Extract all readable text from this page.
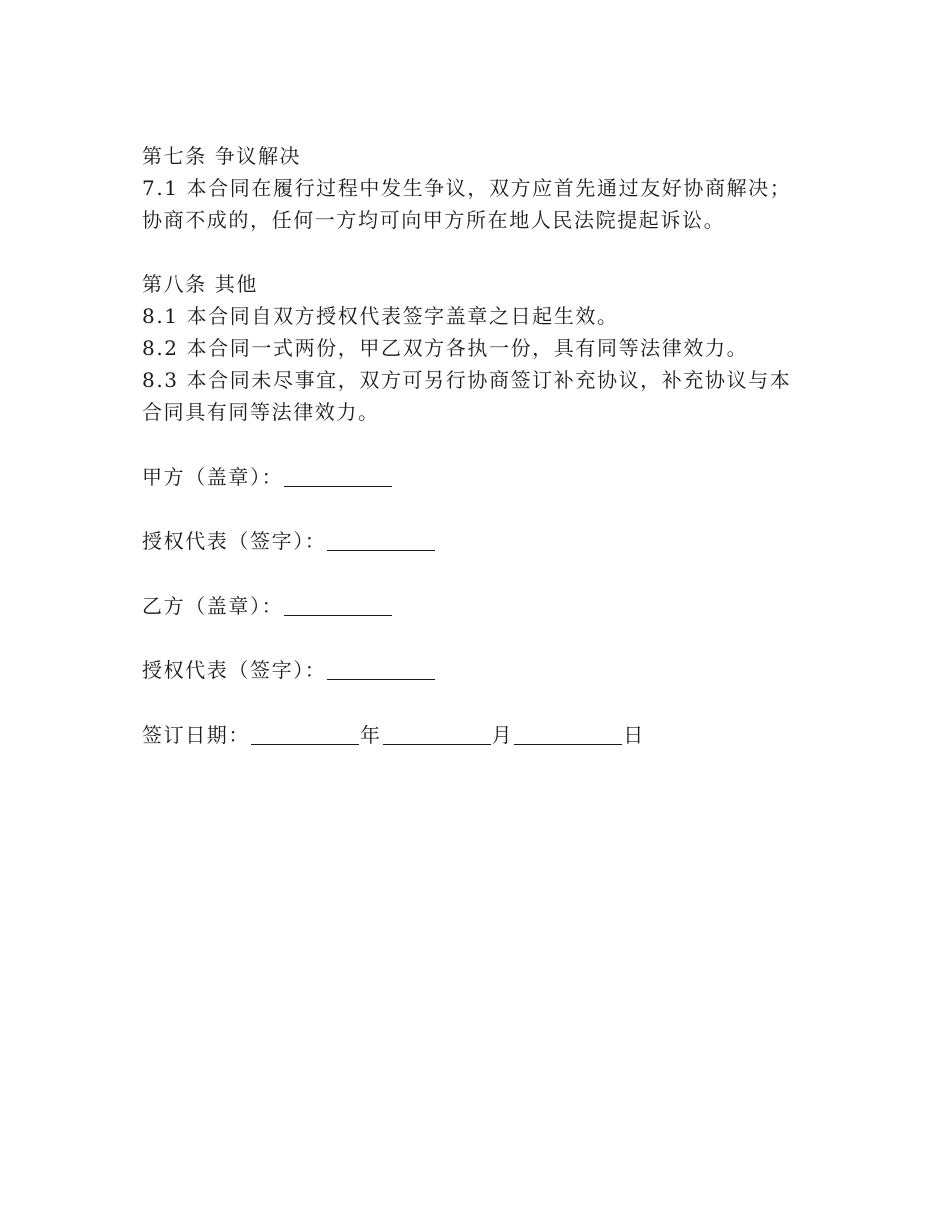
第七条 争议解决
7.1 本合同在履行过程中发生争议，双方应首先通过友好协商解决；
协商不成的，任何一方均可向甲方所在地人民法院提起诉讼。
第八条 其他
8.1 本合同自双方授权代表签字盖章之日起生效。
8.2 本合同一式两份，甲乙双方各执一份，具有同等法律效力。
8.3 本合同未尽事宜，双方可另行协商签订补充协议，补充协议与本
合同具有同等法律效力。
甲方（盖章）：
授权代表（签字）：
乙方（盖章）：
授权代表（签字）：
签订日期：	年	月	日
